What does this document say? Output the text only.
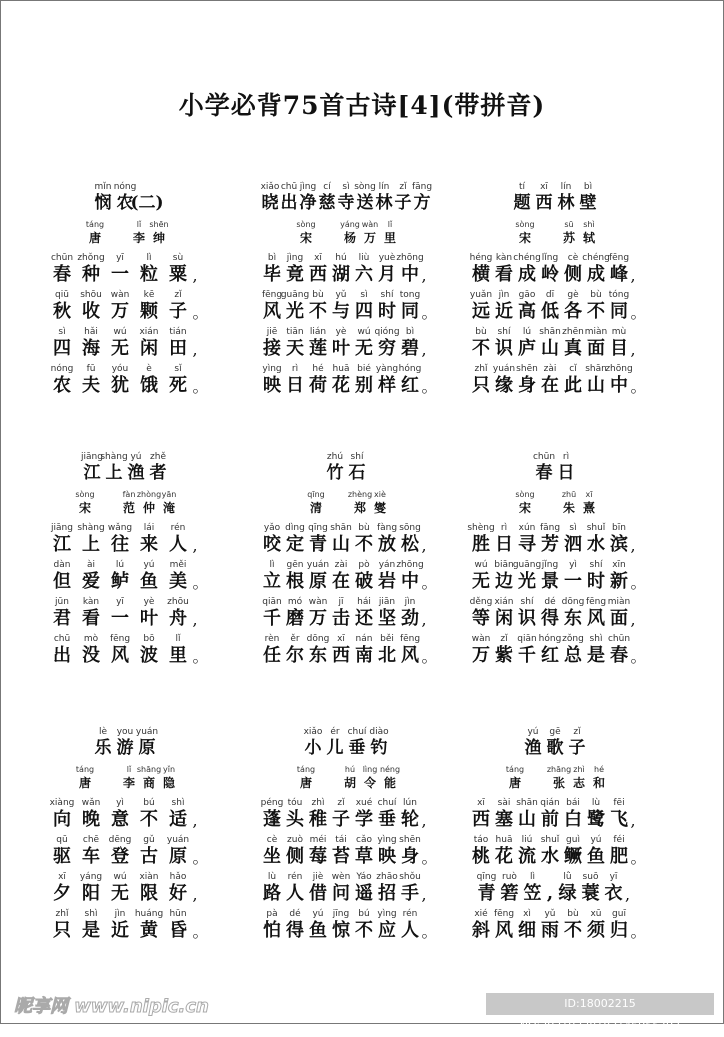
小学必背75首古诗[4](带拼音)
mǐn
悯
nóng
农
(二)
táng
唐
lǐ
李
shēn
绅
chūn
春
zhǒng
种
yī
一
lì
粒
sù
粟 ,
qiū
秋
shōu
收
wàn
万
kē
颗
zǐ
子 。
sì
四
hǎi
海
wú
无
xián
闲
tián
田 ,
nóng
农
fū
夫
yóu
犹
è
饿
sǐ
死 。
xiǎo
晓
chū
出
jìng
净
cí
慈
sì
寺
sòng
送
lín
林
zǐ
子
fāng
方
sòng
宋
yáng
杨
wàn
万
lǐ
里
bì
毕
jìng
竟
xī
西
hú
湖
liù
六
yuè
月
zhōng
中 ,
fēng
风
guāng
光
bù
不
yǔ
与
sì
四
shí
时
tong
同 。
jiē
接
tiān
天
lián
莲
yè
叶
wú
无
qióng
穷
bì
碧 ,
yìng
映
rì
日
hé
荷
huā
花
bié
别
yàng
样
hóng
红 。
tí
题
xī
西
lín
林
bì
壁
sòng
宋
sū
苏
shì
轼
héng
横
kàn
看
chéng
成
lǐng
岭
cè
侧
chéng
成
fēng
峰 ,
yuǎn
远
jìn
近
gāo
高
dī
低
gè
各
bù
不
tóng
同 。
bù
不
shí
识
lú
庐
shān
山
zhēn
真
miàn
面
mù
目 ,
zhǐ
只
yuán
缘
shēn
身
zài
在
cǐ
此
shān
山
zhōng
中 。
jiāng
江
shàng
上
yú
渔
zhě
者
sòng
宋
fàn
范
zhòng
仲
yān
淹
jiāng
江
shàng
上
wǎng
往
lái
来
rén
人 ,
dàn
但
ài
爱
lú
鲈
yú
鱼
měi
美 。
jūn
君
kàn
看
yī
一
yè
叶
zhōu
舟 ,
chū
出
mò
没
fēng
风
bō
波
lǐ
里 。
zhú
竹
shí
石
qīng
清
zhèng
郑
xiè
燮
yǎo
咬
dìng
定
qīng
青
shān
山
bù
不
fàng
放
sōng
松 ,
lì
立
gēn
根
yuán
原
zài
在
pò
破
yán
岩
zhōng
中 。
qiān
千
mó
磨
wàn
万
jī
击
hái
还
jiān
坚
jìn
劲 ,
rèn
任
ěr
尔
dōng
东
xī
西
nán
南
běi
北
fēng
风 。
chūn
春
rì
日
sòng
宋
zhū
朱
xī
熹
shèng
胜
rì
日
xún
寻
fāng
芳
sì
泗
shuǐ
水
bīn
滨 ,
wú
无
biān
边
guāng
光
jǐng
景
yì
一
shí
时
xīn
新 。
děng
等
xián
闲
shí
识
dé
得
dōng
东
fēng
风
miàn
面 ,
wàn
万
zǐ
紫
qiān
千
hóng
红
zǒng
总
shì
是
chūn
春 。
lè
乐
you
游
yuán
原
táng
唐
lǐ
李
shāng
商
yǐn
隐
xiàng
向
wǎn
晚
yì
意
bú
不
shì
适 ,
qū
驱
chē
车
dēng
登
gǔ
古
yuán
原 。
xī
夕
yáng
阳
wú
无
xiàn
限
hǎo
好 ,
zhǐ
只
shì
是
jìn
近
huáng
黄
hūn
昏 。
xiǎo
小
ér
儿
chuí
垂
diào
钓
táng
唐
hú
胡
lìng
令
néng
能
péng
蓬
tóu
头
zhì
稚
zǐ
子
xué
学
chuí
垂
lún
轮 ,
cè
坐
zuò
侧
méi
莓
tái
苔
cǎo
草
yìng
映
shēn
身 。
lù
路
rén
人
jiè
借
wèn
问
Yáo
遥
zhāo
招
shǒu
手 ,
pà
怕
dé
得
yú
鱼
jīng
惊
bú
不
yìng
应
rén
人 。
yú
渔
gē
歌
zǐ
子
táng
唐
zhāng
张
zhì
志
hé
和
xī
西
sài
塞
shān
山
qián
前
bái
白
lù
鹭
fēi
飞 ,
táo
桃
huā
花
liú
流
shuǐ
水
guì
鳜
yú
鱼
féi
肥 。
qīng
青
ruò
箬
lì
笠 ,
lǜ
绿
suō
蓑
yī
衣 ,
xié
斜
fēng
风
xì
细
yǔ
雨
bù
不
xū
须
guī
归 。
昵享网 www.nipic.cn	ID:18002215 NO:20210228183146955793
